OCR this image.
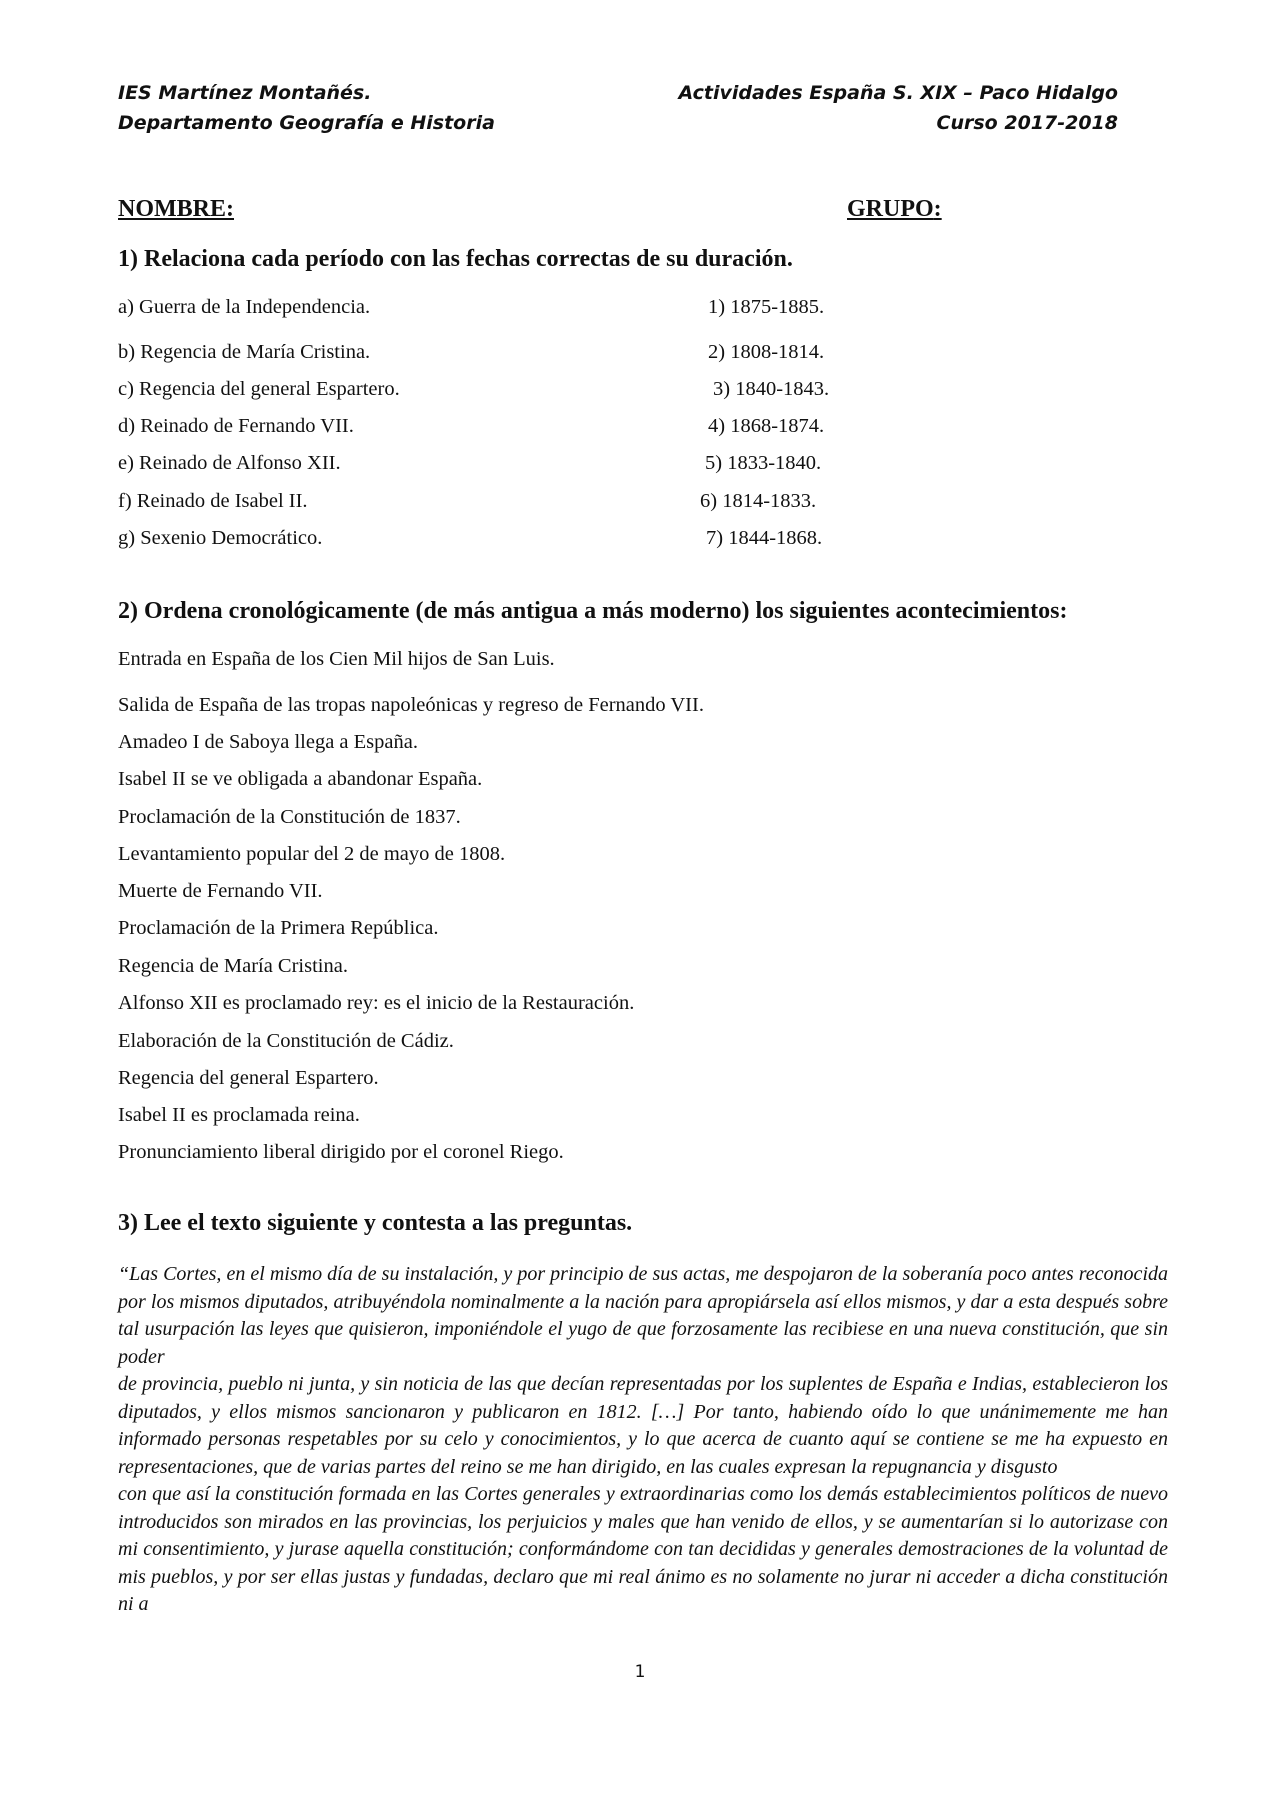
IES Martínez Montañés.
Departamento Geografía e Historia
Actividades España S. XIX – Paco Hidalgo
Curso 2017-2018
NOMBRE:	GRUPO:
1) Relaciona cada período con las fechas correctas de su duración.
a) Guerra de la Independencia.
b) Regencia de María Cristina.
c) Regencia del general Espartero.
d) Reinado de Fernando VII.
e) Reinado de Alfonso XII.
f) Reinado de Isabel II.
g) Sexenio Democrático.
1) 1875-1885.
2) 1808-1814.
3) 1840-1843.
4) 1868-1874.
5) 1833-1840.
6) 1814-1833.
7) 1844-1868.
2) Ordena cronológicamente (de más antigua a más moderno) los siguientes acontecimientos:
Entrada en España de los Cien Mil hijos de San Luis.
Salida de España de las tropas napoleónicas y regreso de Fernando VII.
Amadeo I de Saboya llega a España.
Isabel II se ve obligada a abandonar España.
Proclamación de la Constitución de 1837.
Levantamiento popular del 2 de mayo de 1808.
Muerte de Fernando VII.
Proclamación de la Primera República.
Regencia de María Cristina.
Alfonso XII es proclamado rey: es el inicio de la Restauración.
Elaboración de la Constitución de Cádiz.
Regencia del general Espartero.
Isabel II es proclamada reina.
Pronunciamiento liberal dirigido por el coronel Riego.
3) Lee el texto siguiente y contesta a las preguntas.

“Las Cortes, en el mismo día de su instalación, y por principio de sus actas, me despojaron de la soberanía poco antes reconocida por los mismos diputados, atribuyéndola nominalmente a la nación para apropiársela así ellos mismos, y dar a esta después sobre tal usurpación las leyes que quisieron, imponiéndole el yugo de que forzosamente las recibiese en una nueva constitución, que sin poder

de provincia, pueblo ni junta, y sin noticia de las que decían representadas por los suplentes de España e Indias, establecieron los diputados, y ellos mismos sancionaron y publicaron en 1812. […] Por tanto, habiendo oído lo que unánimemente me han informado personas respetables por su celo y conocimientos, y lo que acerca de cuanto aquí se contiene se me ha expuesto en representaciones, que de varias partes del reino se me han dirigido, en las cuales expresan la repugnancia y disgusto

con que así la constitución formada en las Cortes generales y extraordinarias como los demás establecimientos políticos de nuevo introducidos son mirados en las provincias, los perjuicios y males que han venido de ellos, y se aumentarían si lo autorizase con mi consentimiento, y jurase aquella constitución; conformándome con tan decididas y generales demostraciones de la voluntad de mis pueblos, y por ser ellas justas y fundadas, declaro que mi real ánimo es no solamente no jurar ni acceder a dicha constitución ni a

1
